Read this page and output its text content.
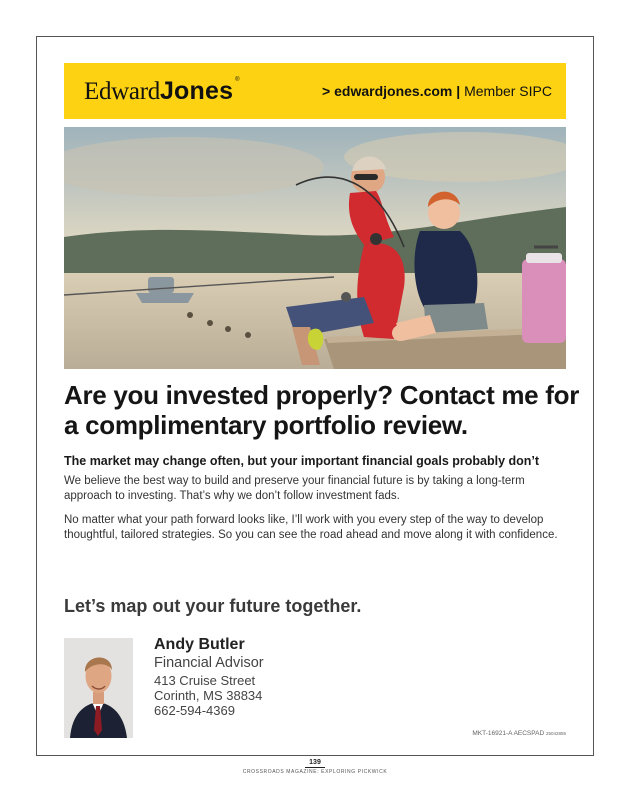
EdwardJones ®
> edwardjones.com | Member SIPC
Are you invested properly? Contact me for a complimentary portfolio review.
The market may change often, but your important financial goals probably don’t

We believe the best way to build and preserve your financial future is by taking a long-term approach to investing. That’s why we don’t follow investment fads.

No matter what your path forward looks like, I’ll work with you every step of the way to develop thoughtful, tailored strategies. So you can see the road ahead and move along it with confidence.

Let’s map out your future together.
Andy Butler
Financial Advisor
413 Cruise Street
Corinth, MS 38834
662-594-4369
MKT-16921-A AECSPAD 25042855
139
CROSSROADS MAGAZINE: EXPLORING PICKWICK
